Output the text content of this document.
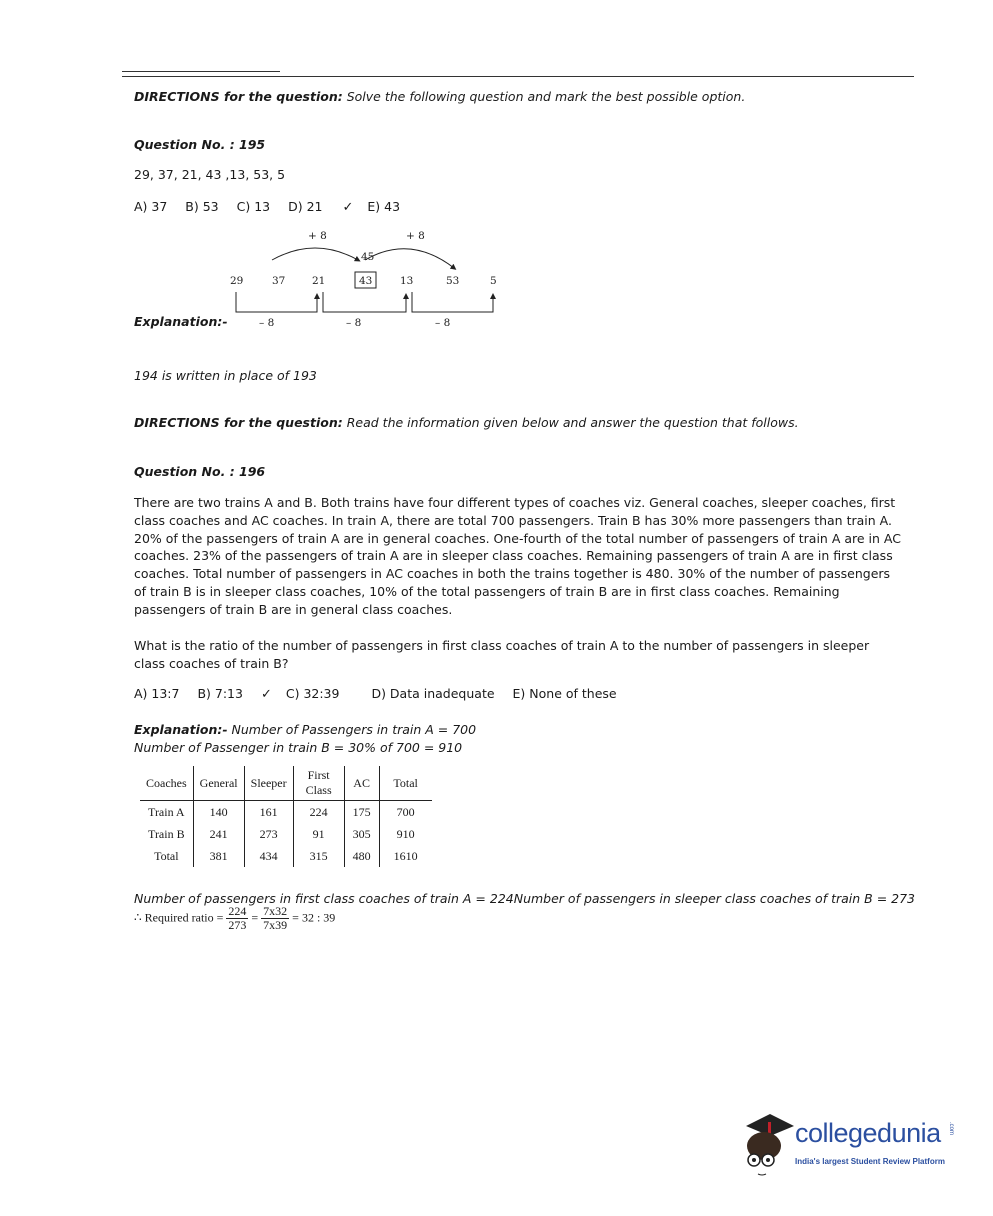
DIRECTIONS for the question: Solve the following question and mark the best possible option.
Question No. : 195
29, 37, 21, 43 ,13, 53, 5
A) 37 B) 53 C) 13 D) 21 ✓ E) 43
Explanation:-
+ 8	+ 8
45
29	37	21	43	13	53	5
– 8	– 8	– 8
194 is written in place of 193
DIRECTIONS for the question: Read the information given below and answer the question that follows.
Question No. : 196
There are two trains A and B. Both trains have four different types of coaches viz. General coaches, sleeper coaches, first class coaches and AC coaches. In train A, there are total 700 passengers. Train B has 30% more passengers than train A. 20% of the passengers of train A are in general coaches. One-fourth of the total number of passengers of train A are in AC coaches. 23% of the passengers of train A are in sleeper class coaches. Remaining passengers of train A are in first class coaches. Total number of passengers in AC coaches in both the trains together is 480. 30% of the number of passengers of train B is in sleeper class coaches, 10% of the total passengers of train B are in first class coaches. Remaining passengers of train B are in general class coaches.
What is the ratio of the number of passengers in first class coaches of train A to the number of passengers in sleeper class coaches of train B?
A) 13:7 B) 7:13 ✓ C) 32:39	D) Data inadequate E) None of these
Explanation:- Number of Passengers in train A = 700
Number of Passenger in train B = 30% of 700 = 910
Coaches	General	Sleeper	First Class	AC	Total
Train A	140	161	224	175	700
Train B	241	273	91	305	910
Total	381	434	315	480	1610
Number of passengers in first class coaches of train A = 224Number of passengers in sleeper class coaches of train B = 273
∴ Required ratio = $\frac{224}{273} = \frac{7x32}{7x39} = 32$ : 39
collegedunia .com
India's largest Student Review Platform
